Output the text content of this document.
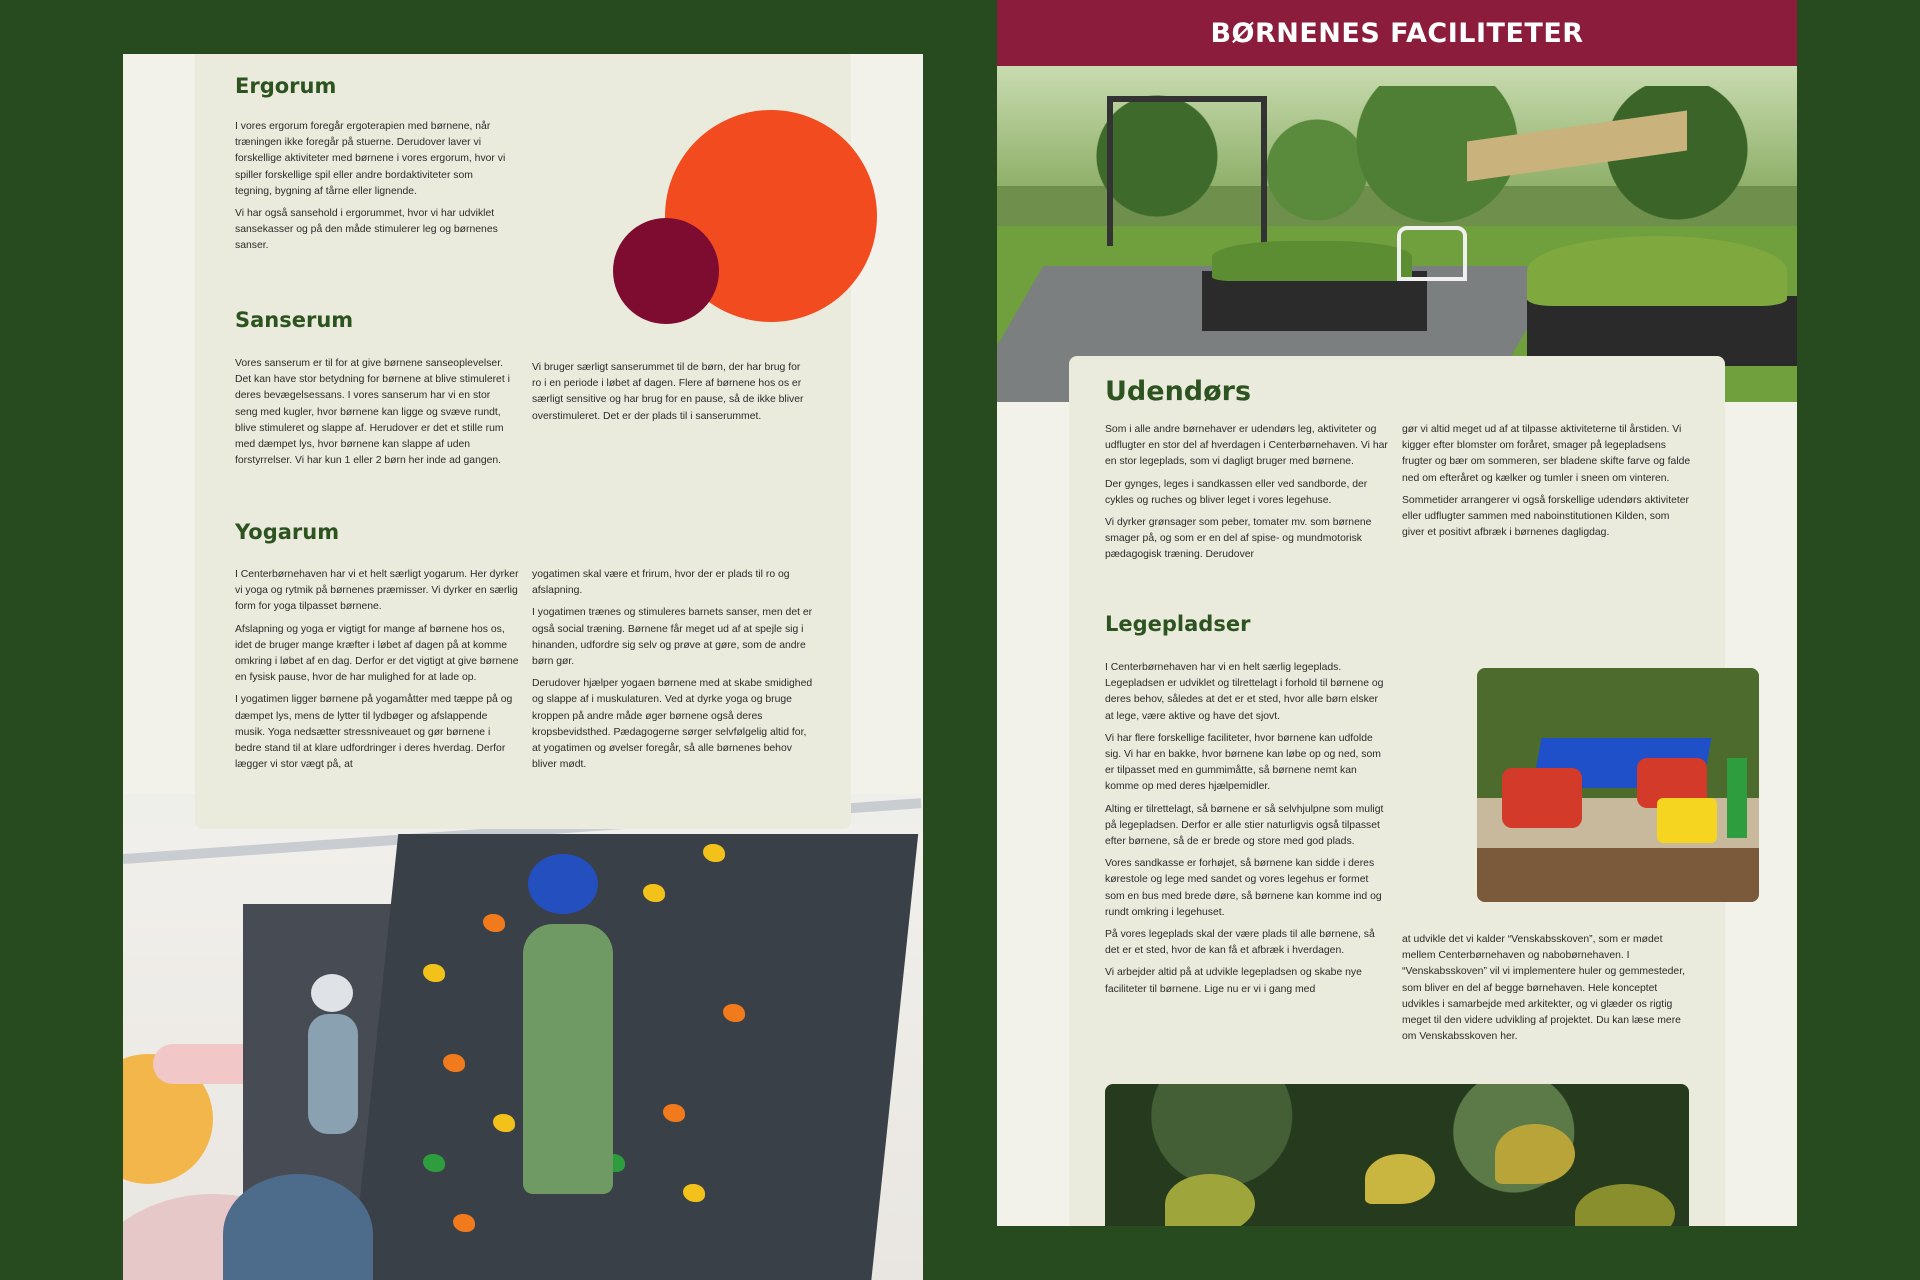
Ergorum

I vores ergorum foregår ergoterapien med børnene, når træningen ikke foregår på stuerne. Derudover laver vi forskellige aktiviteter med børnene i vores ergorum, hvor vi spiller forskellige spil eller andre bordaktiviteter som tegning, bygning af tårne eller lignende.

Vi har også sansehold i ergorummet, hvor vi har udviklet sansekasser og på den måde stimulerer leg og børnenes sanser.

Sanserum

Vores sanserum er til for at give børnene sanseoplevelser. Det kan have stor betydning for børnene at blive stimuleret i deres bevægelsessans. I vores sanserum har vi en stor seng med kugler, hvor børnene kan ligge og svæve rundt, blive stimuleret og slappe af. Herudover er det et stille rum med dæmpet lys, hvor børnene kan slappe af uden forstyrrelser. Vi har kun 1 eller 2 børn her inde ad gangen.

Vi bruger særligt sanserummet til de børn, der har brug for ro i en periode i løbet af dagen. Flere af børnene hos os er særligt sensitive og har brug for en pause, så de ikke bliver overstimuleret. Det er der plads til i sanserummet.

Yogarum

I Centerbørnehaven har vi et helt særligt yogarum. Her dyrker vi yoga og rytmik på børnenes præmisser. Vi dyrker en særlig form for yoga tilpasset børnene.

Afslapning og yoga er vigtigt for mange af børnene hos os, idet de bruger mange kræfter i løbet af dagen på at komme omkring i løbet af en dag. Derfor er det vigtigt at give børnene en fysisk pause, hvor de har mulighed for at lade op.

I yogatimen ligger børnene på yogamåtter med tæppe på og dæmpet lys, mens de lytter til lydbøger og afslappende musik. Yoga nedsætter stressniveauet og gør børnene i bedre stand til at klare udfordringer i deres hverdag. Derfor lægger vi stor vægt på, at

yogatimen skal være et frirum, hvor der er plads til ro og afslapning.

I yogatimen trænes og stimuleres barnets sanser, men det er også social træning. Børnene får meget ud af at spejle sig i hinanden, udfordre sig selv og prøve at gøre, som de andre børn gør.

Derudover hjælper yogaen børnene med at skabe smidighed og slappe af i muskulaturen. Ved at dyrke yoga og bruge kroppen på andre måde øger børnene også deres kropsbevidsthed. Pædagogerne sørger selvfølgelig altid for, at yogatimen og øvelser foregår, så alle børnenes behov bliver mødt.

BØRNENES FACILITETER
Udendørs

Som i alle andre børnehaver er udendørs leg, aktiviteter og udflugter en stor del af hverdagen i Centerbørnehaven. Vi har en stor legeplads, som vi dagligt bruger med børnene.

Der gynges, leges i sandkassen eller ved sandborde, der cykles og ruches og bliver leget i vores legehuse.

Vi dyrker grønsager som peber, tomater mv. som børnene smager på, og som er en del af spise- og mundmotorisk pædagogisk træning. Derudover

gør vi altid meget ud af at tilpasse aktiviteterne til årstiden. Vi kigger efter blomster om foråret, smager på legepladsens frugter og bær om sommeren, ser bladene skifte farve og falde ned om efteråret og kælker og tumler i sneen om vinteren.

Sommetider arrangerer vi også forskellige udendørs aktiviteter eller udflugter sammen med naboinstitutionen Kilden, som giver et positivt afbræk i børnenes dagligdag.

Legepladser

I Centerbørnehaven har vi en helt særlig legeplads. Legepladsen er udviklet og tilrettelagt i forhold til børnene og deres behov, således at det er et sted, hvor alle børn elsker at lege, være aktive og have det sjovt.

Vi har flere forskellige faciliteter, hvor børnene kan udfolde sig. Vi har en bakke, hvor børnene kan løbe op og ned, som er tilpasset med en gummimåtte, så børnene nemt kan komme op med deres hjælpemidler.

Alting er tilrettelagt, så børnene er så selvhjulpne som muligt på legepladsen. Derfor er alle stier naturligvis også tilpasset efter børnene, så de er brede og store med god plads.

Vores sandkasse er forhøjet, så børnene kan sidde i deres kørestole og lege med sandet og vores legehus er formet som en bus med brede døre, så børnene kan komme ind og rundt omkring i legehuset.

På vores legeplads skal der være plads til alle børnene, så det er et sted, hvor de kan få et afbræk i hverdagen.

Vi arbejder altid på at udvikle legepladsen og skabe nye faciliteter til børnene. Lige nu er vi i gang med

at udvikle det vi kalder “Venskabsskoven”, som er mødet mellem Centerbørnehaven og nabobørnehaven. I “Venskabsskoven” vil vi implementere huler og gemmesteder, som bliver en del af begge børnehaven. Hele konceptet udvikles i samarbejde med arkitekter, og vi glæder os rigtig meget til den videre udvikling af projektet. Du kan læse mere om Venskabsskoven her.
